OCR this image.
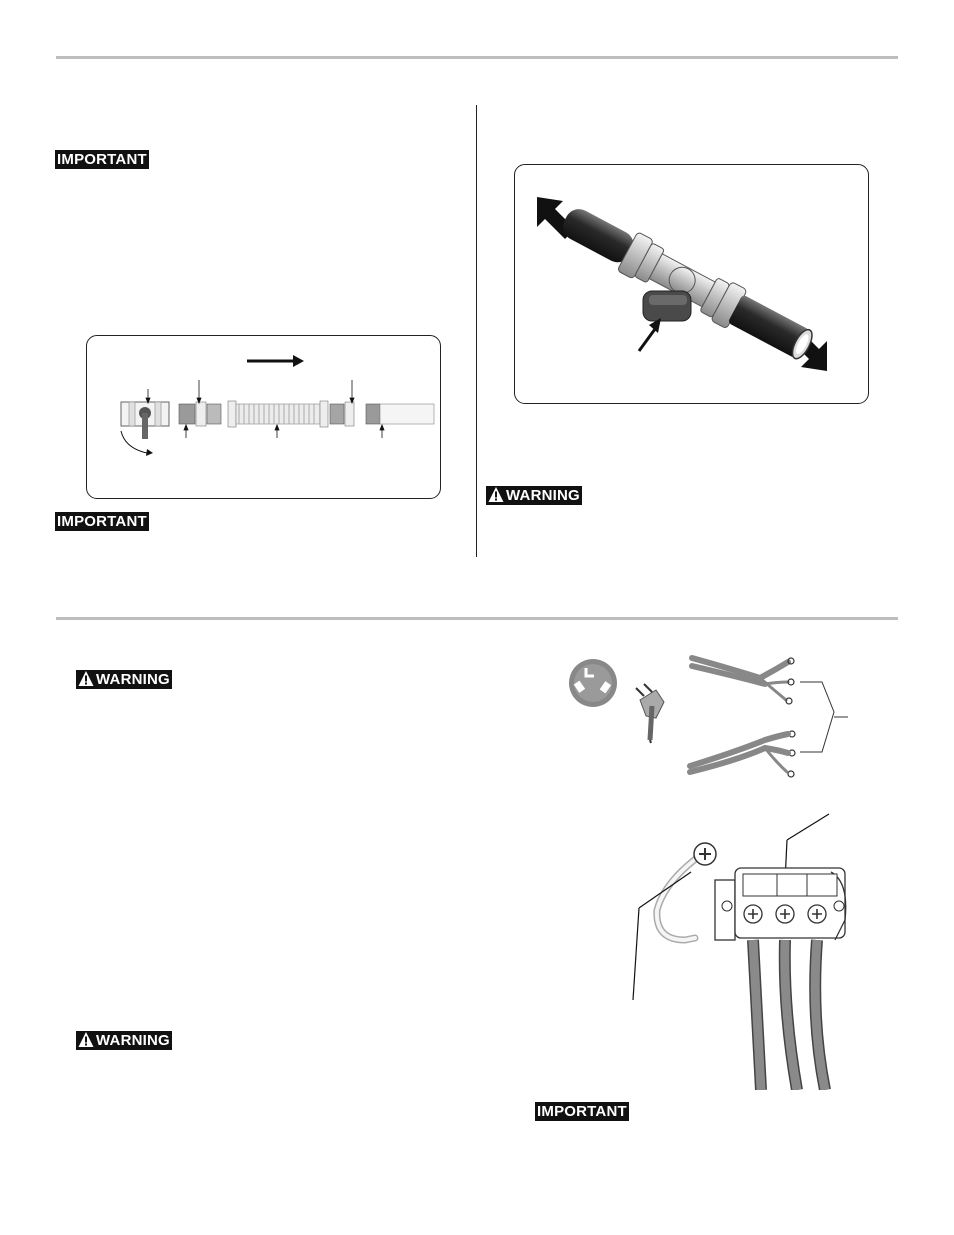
IMPORTANT
IMPORTANT
WARNING
WARNING
WARNING
IMPORTANT
